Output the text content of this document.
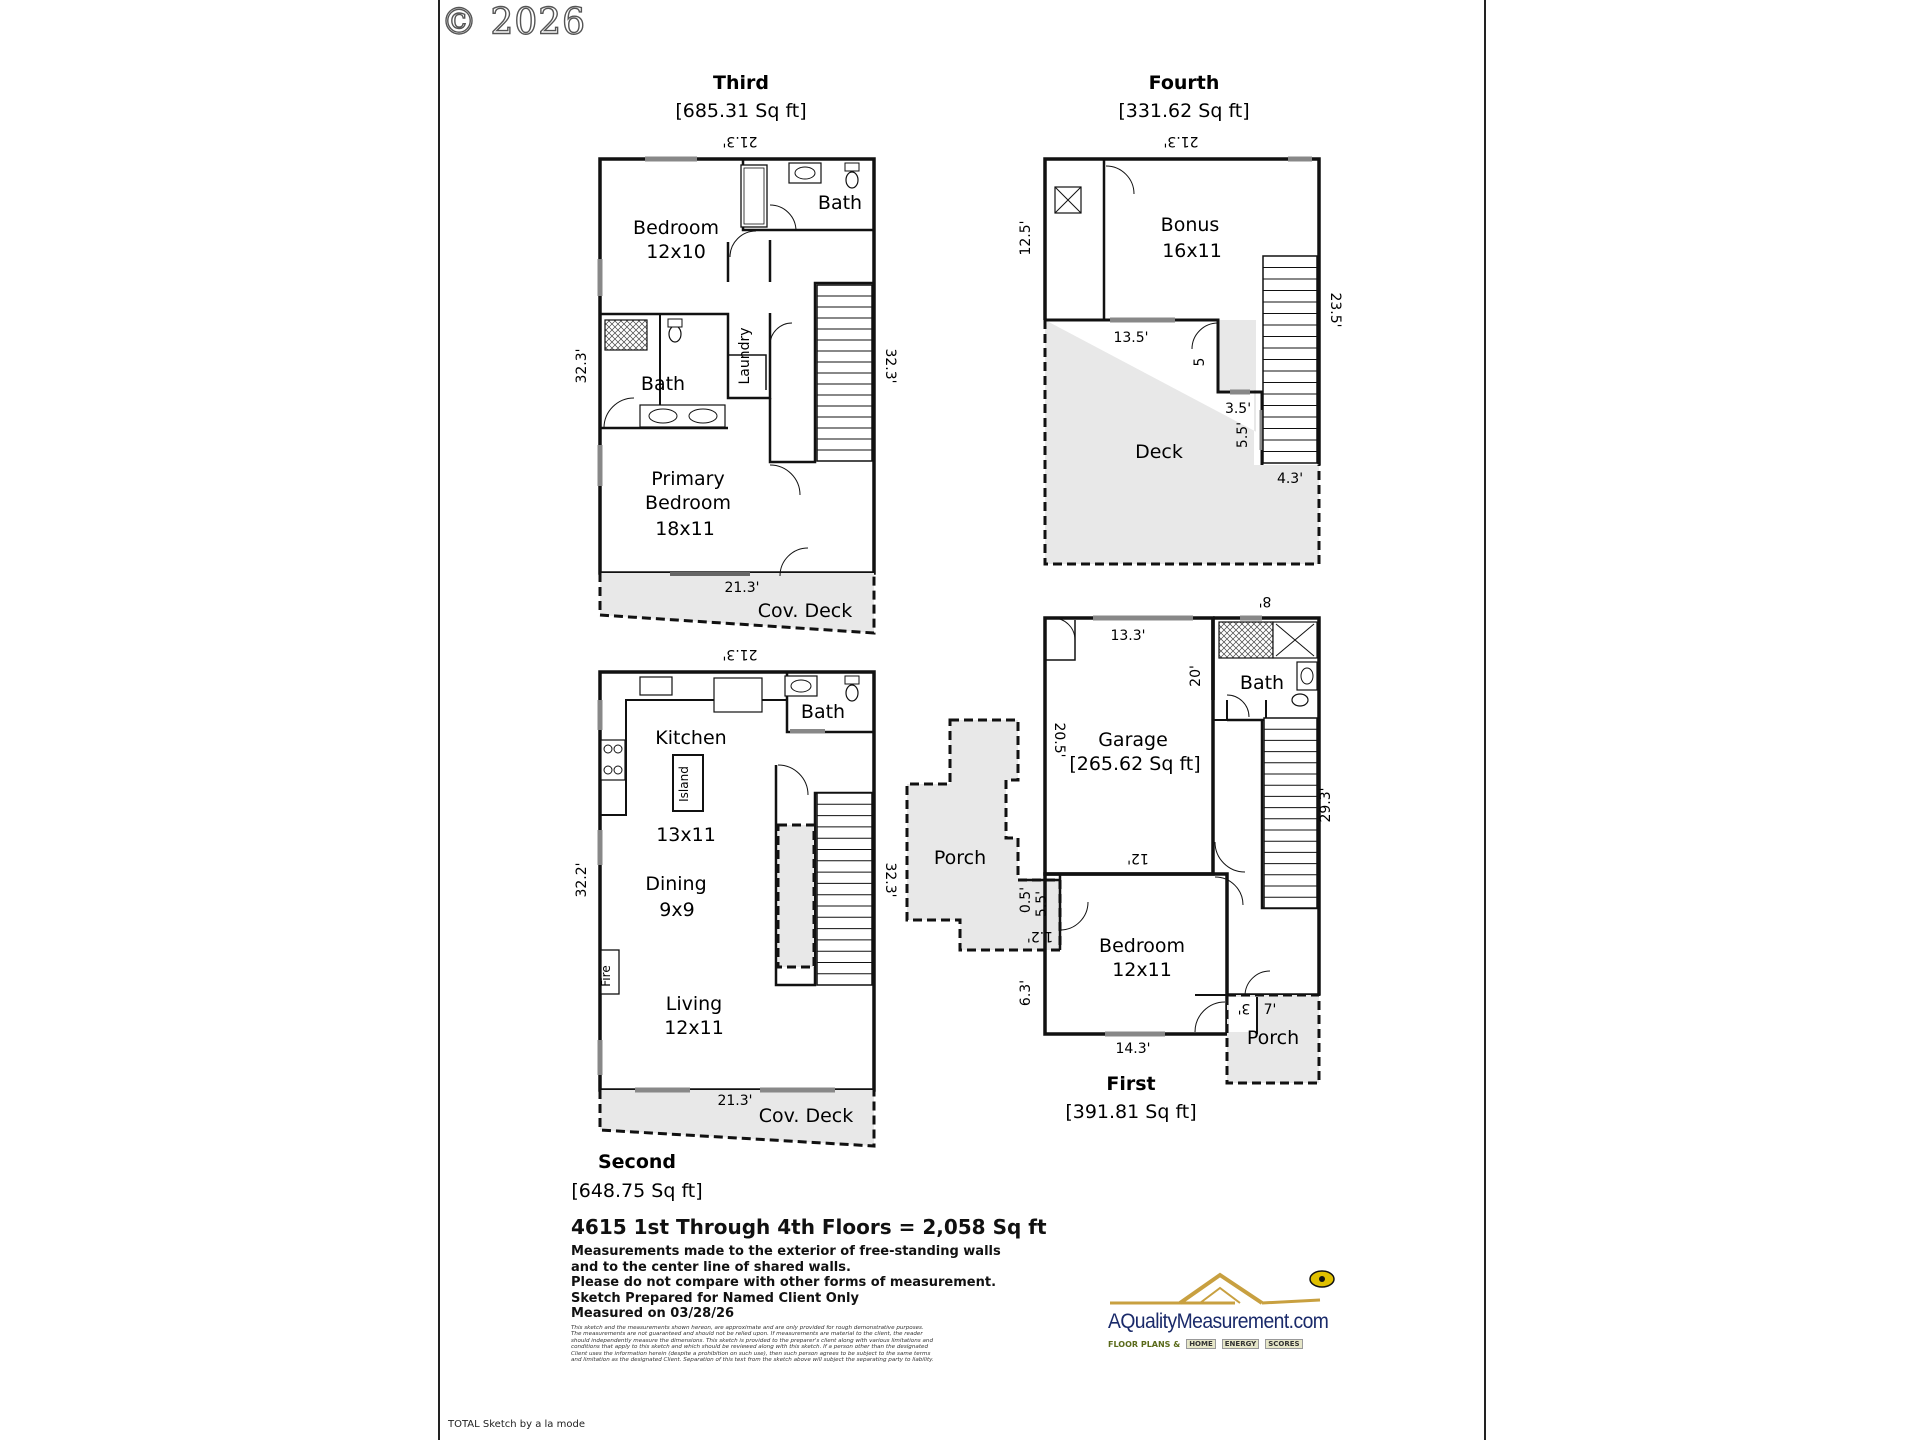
© 2026
Third
[685.31 Sq ft]
21.3'
Bedroom
12x10
Bath
Bath	Laundry
Primary
Bedroom
18x11
Cov. Deck
21.3'
32.3'	32.3'
Fourth
[331.62 Sq ft]
21.3'
Bonus
16x11
Deck
12.5'
23.5'
13.5'
5
3.5'
5.5'
4.3'
21.3'
Bath
Kitchen
Island
13x11
Dining
9x9
Fire
Living
12x11
Cov. Deck
21.3'
32.2'	32.3'
Second
[648.75 Sq ft]
Porch
Garage
[265.62 Sq ft]
Bath
Bedroom
12x11
Porch
13.3'
8'
20'
20.5'
12'
29.3'
0.5' 5.5'
1.2'
6.3'
14.3'
3' 7'
First
[391.81 Sq ft]
4615 1st Through 4th Floors = 2,058 Sq ft
Measurements made to the exterior of free-standing walls
and to the center line of shared walls.
Please do not compare with other forms of measurement.
Sketch Prepared for Named Client Only
Measured on 03/28/26
This sketch and the measurements shown hereon, are approximate and are only provided for rough demonstrative purposes.
The measurements are not guaranteed and should not be relied upon. If measurements are material to the client, the reader
should independently measure the dimensions. This sketch is provided to the preparer's client along with various limitations and
conditions that apply to this sketch and which should be reviewed along with this sketch. If a person other than the designated
Client uses the information herein (despite a prohibition on such use), then such person agrees to be subject to the same terms
and limitation as the designated Client. Separation of this text from the sketch above will subject the separating party to liability.
AQualityMeasurement.com
FLOOR PLANS &	HOME	ENERGY	SCORES
TOTAL Sketch by a la mode
